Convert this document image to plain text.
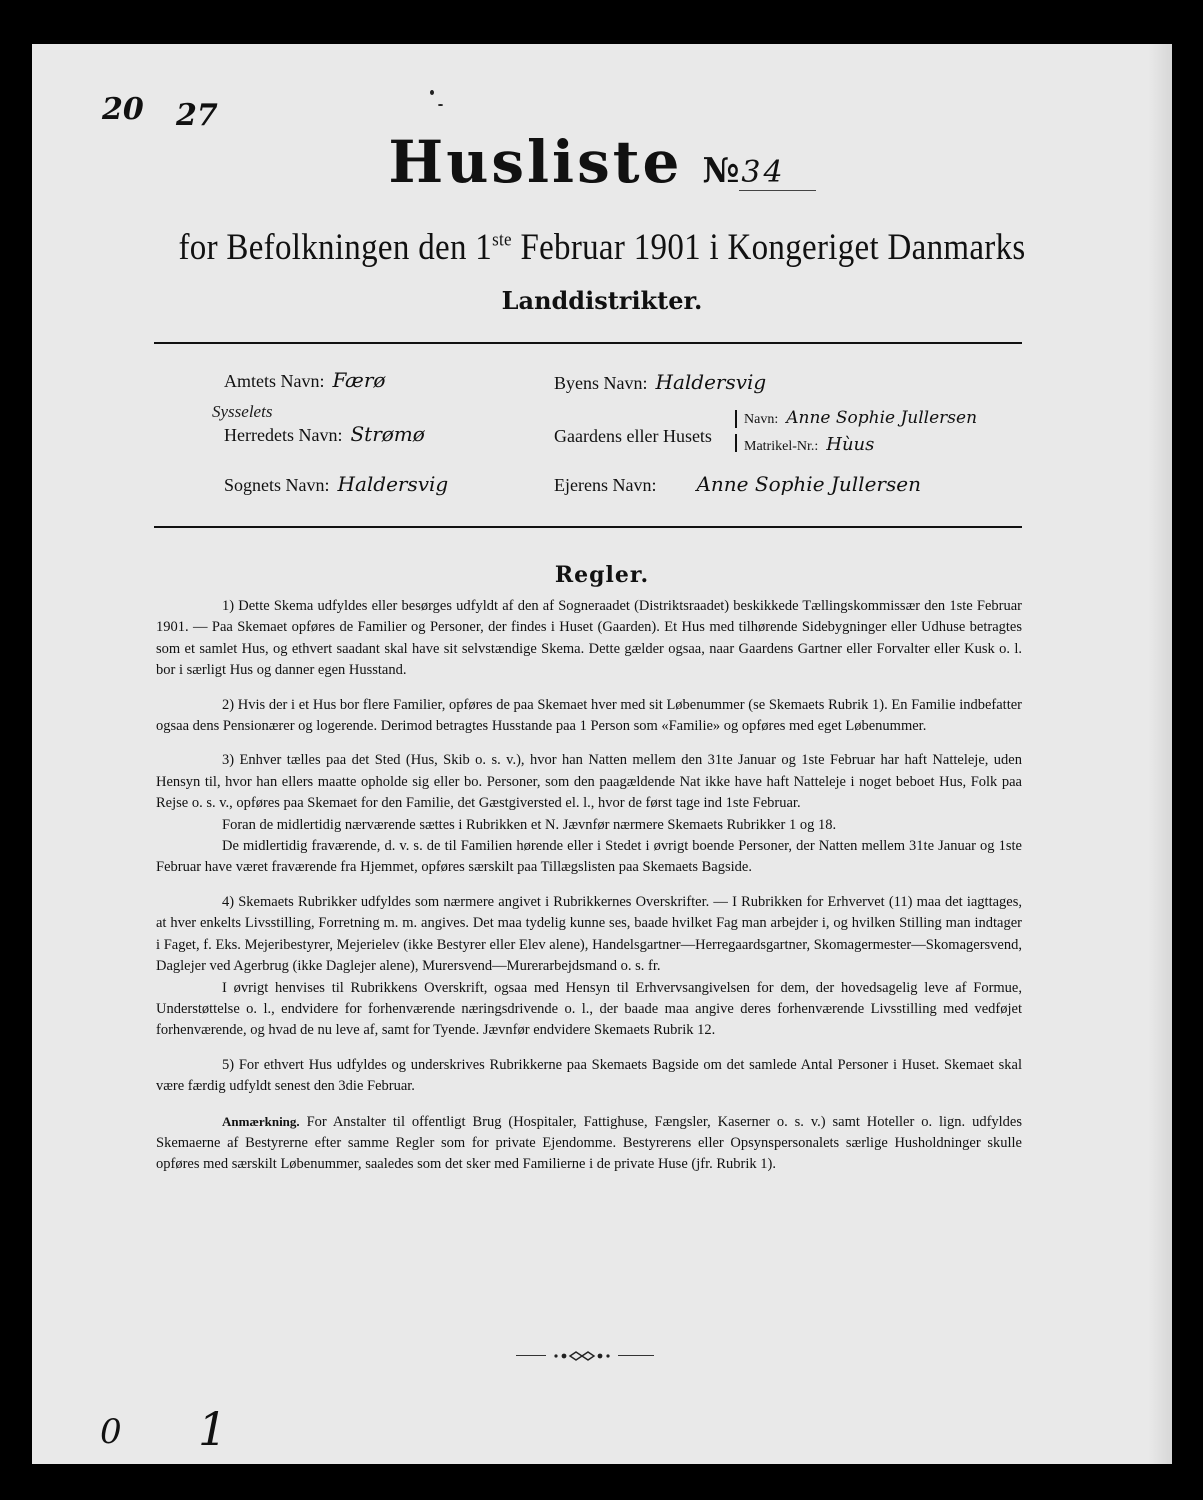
20 27
Husliste №34
for Befolkningen den 1ste Februar 1901 i Kongeriget Danmarks
Landdistrikter.
Amtets Navn: Færø
Sysselets
Herredets Navn: Strømø
Sognets Navn: Haldersvig
Byens Navn: Haldersvig
Gaardens eller Husets
Navn: Anne Sophie Jullersen
Matrikel-Nr.: Hùus
Ejerens Navn: Anne Sophie Jullersen
Regler.

1) Dette Skema udfyldes eller besørges udfyldt af den af Sogneraadet (Distriktsraadet) beskikkede Tællingskommissær den 1ste Februar 1901. — Paa Skemaet opføres de Familier og Personer, der findes i Huset (Gaarden). Et Hus med tilhørende Sidebygninger eller Udhuse betragtes som et samlet Hus, og ethvert saadant skal have sit selvstændige Skema. Dette gælder ogsaa, naar Gaardens Gartner eller Forvalter eller Kusk o. l. bor i særligt Hus og danner egen Husstand.

2) Hvis der i et Hus bor flere Familier, opføres de paa Skemaet hver med sit Løbenummer (se Skemaets Rubrik 1). En Familie indbefatter ogsaa dens Pensionærer og logerende. Derimod betragtes Husstande paa 1 Person som «Familie» og opføres med eget Løbenummer.

3) Enhver tælles paa det Sted (Hus, Skib o. s. v.), hvor han Natten mellem den 31te Januar og 1ste Februar har haft Natteleje, uden Hensyn til, hvor han ellers maatte opholde sig eller bo. Personer, som den paagældende Nat ikke have haft Natteleje i noget beboet Hus, Folk paa Rejse o. s. v., opføres paa Skemaet for den Familie, det Gæstgiversted el. l., hvor de først tage ind 1ste Februar.

Foran de midlertidig nærværende sættes i Rubrikken et N. Jævnfør nærmere Skemaets Rubrikker 1 og 18.

De midlertidig fraværende, d. v. s. de til Familien hørende eller i Stedet i øvrigt boende Personer, der Natten mellem 31te Januar og 1ste Februar have været fraværende fra Hjemmet, opføres særskilt paa Tillægslisten paa Skemaets Bagside.

4) Skemaets Rubrikker udfyldes som nærmere angivet i Rubrikkernes Overskrifter. — I Rubrikken for Erhvervet (11) maa det iagttages, at hver enkelts Livsstilling, Forretning m. m. angives. Det maa tydelig kunne ses, baade hvilket Fag man arbejder i, og hvilken Stilling man indtager i Faget, f. Eks. Mejeribestyrer, Mejerielev (ikke Bestyrer eller Elev alene), Handelsgartner—Herregaardsgartner, Skomagermester—Skomagersvend, Daglejer ved Agerbrug (ikke Daglejer alene), Murersvend—Murerarbejdsmand o. s. fr.

I øvrigt henvises til Rubrikkens Overskrift, ogsaa med Hensyn til Erhvervsangivelsen for dem, der hovedsagelig leve af Formue, Understøttelse o. l., endvidere for forhenværende næringsdrivende o. l., der baade maa angive deres forhenværende Livsstilling med vedføjet forhenværende, og hvad de nu leve af, samt for Tyende. Jævnfør endvidere Skemaets Rubrik 12.

5) For ethvert Hus udfyldes og underskrives Rubrikkerne paa Skemaets Bagside om det samlede Antal Personer i Huset. Skemaet skal være færdig udfyldt senest den 3die Februar.

Anmærkning. For Anstalter til offentligt Brug (Hospitaler, Fattighuse, Fængsler, Kaserner o. s. v.) samt Hoteller o. lign. udfyldes Skemaerne af Bestyrerne efter samme Regler som for private Ejendomme. Bestyrerens eller Opsynspersonalets særlige Husholdninger skulle opføres med særskilt Løbenummer, saaledes som det sker med Familierne i de private Huse (jfr. Rubrik 1).

0 1
